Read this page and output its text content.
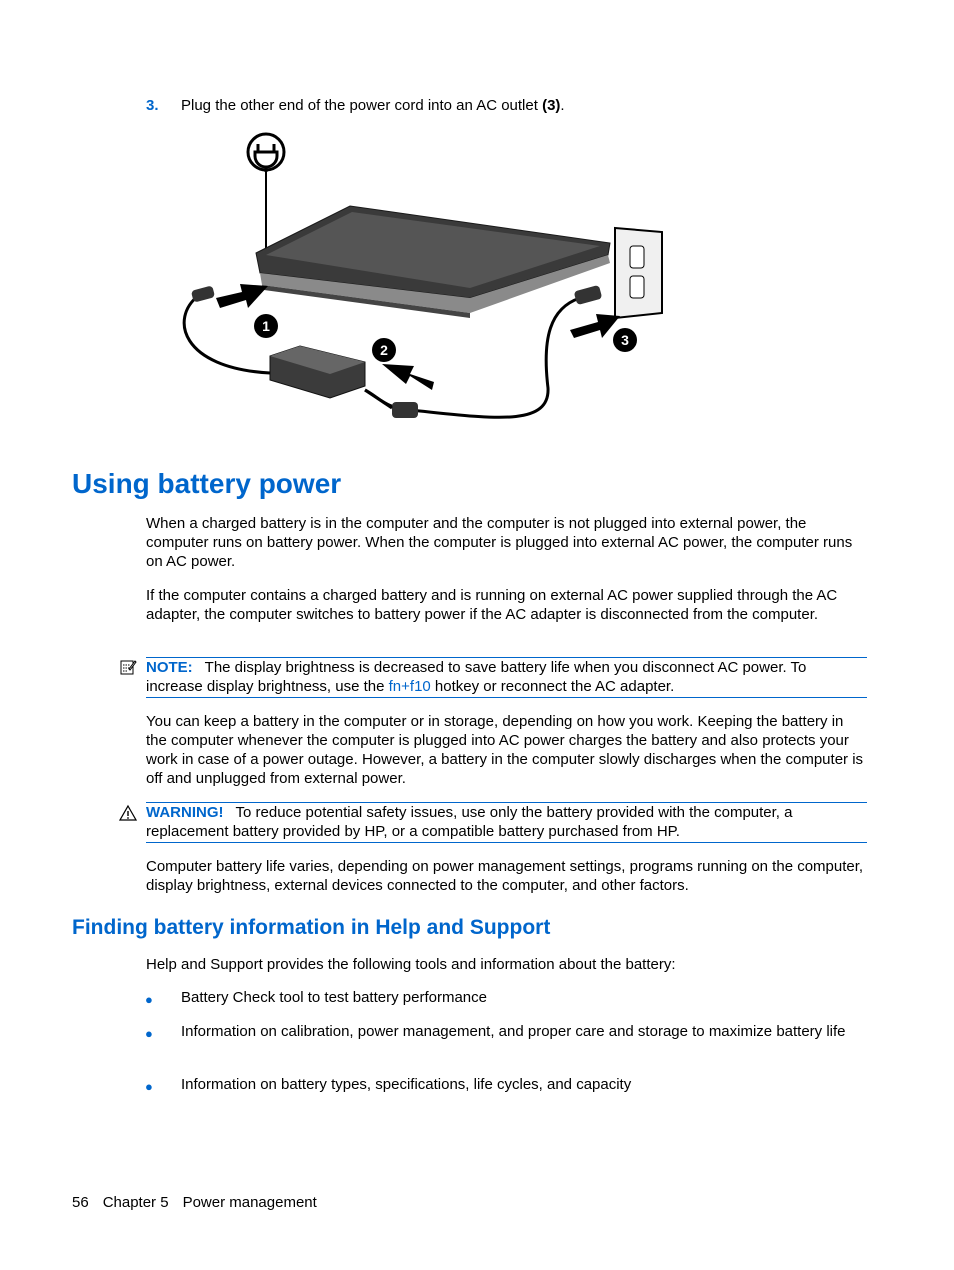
3. Plug the other end of the power cord into an AC outlet (3).
1
2
3
Using battery power

When a charged battery is in the computer and the computer is not plugged into external power, the computer runs on battery power. When the computer is plugged into external AC power, the computer runs on AC power.

If the computer contains a charged battery and is running on external AC power supplied through the AC adapter, the computer switches to battery power if the AC adapter is disconnected from the computer.

NOTE: The display brightness is decreased to save battery life when you disconnect AC power. To increase display brightness, use the fn+f10 hotkey or reconnect the AC adapter.

You can keep a battery in the computer or in storage, depending on how you work. Keeping the battery in the computer whenever the computer is plugged into AC power charges the battery and also protects your work in case of a power outage. However, a battery in the computer slowly discharges when the computer is off and unplugged from external power.

WARNING! To reduce potential safety issues, use only the battery provided with the computer, a replacement battery provided by HP, or a compatible battery purchased from HP.

Computer battery life varies, depending on power management settings, programs running on the computer, display brightness, external devices connected to the computer, and other factors.

Finding battery information in Help and Support

Help and Support provides the following tools and information about the battery:

● Battery Check tool to test battery performance

● Information on calibration, power management, and proper care and storage to maximize battery life

● Information on battery types, specifications, life cycles, and capacity

56 Chapter 5 Power management
